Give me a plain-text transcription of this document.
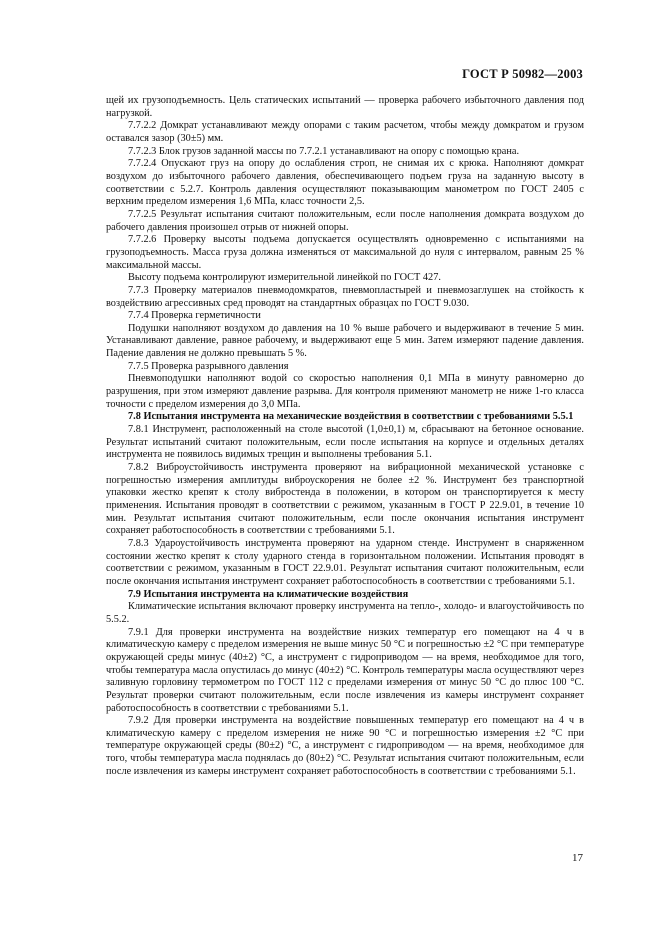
ГОСТ Р 50982—2003

щей их грузоподъемность. Цель статических испытаний — проверка рабочего избыточного давления под нагрузкой.

7.7.2.2 Домкрат устанавливают между опорами с таким расчетом, чтобы между домкратом и грузом оставался зазор (30±5) мм.

7.7.2.3 Блок грузов заданной массы по 7.7.2.1 устанавливают на опору с помощью крана.

7.7.2.4 Опускают груз на опору до ослабления строп, не снимая их с крюка. Наполняют домкрат воздухом до избыточного рабочего давления, обеспечивающего подъем груза на заданную высоту в соответствии с 5.2.7. Контроль давления осуществляют показывающим манометром по ГОСТ 2405 с верхним пределом измерения 1,6 МПа, класс точности 2,5.

7.7.2.5 Результат испытания считают положительным, если после наполнения домкрата воздухом до рабочего давления произошел отрыв от нижней опоры.

7.7.2.6 Проверку высоты подъема допускается осуществлять одновременно с испытаниями на грузоподъемность. Масса груза должна изменяться от максимальной до нуля с интервалом, равным 25 % максимальной массы.

Высоту подъема контролируют измерительной линейкой по ГОСТ 427.

7.7.3 Проверку материалов пневмодомкратов, пневмопластырей и пневмозаглушек на стойкость к воздействию агрессивных сред проводят на стандартных образцах по ГОСТ 9.030.

7.7.4 Проверка герметичности

Подушки наполняют воздухом до давления на 10 % выше рабочего и выдерживают в течение 5 мин. Устанавливают давление, равное рабочему, и выдерживают еще 5 мин. Затем измеряют падение давления. Падение давления не должно превышать 5 %.

7.7.5 Проверка разрывного давления

Пневмоподушки наполняют водой со скоростью наполнения 0,1 МПа в минуту равномерно до разрушения, при этом измеряют давление разрыва. Для контроля применяют манометр не ниже 1-го класса точности с пределом измерения до 3,0 МПа.

7.8 Испытания инструмента на механические воздействия в соответствии с требованиями 5.5.1

7.8.1 Инструмент, расположенный на столе высотой (1,0±0,1) м, сбрасывают на бетонное основание. Результат испытаний считают положительным, если после испытания на корпусе и отдельных деталях инструмента не появилось видимых трещин и выполнены требования 5.1.

7.8.2 Виброустойчивость инструмента проверяют на вибрационной механической установке с погрешностью измерения амплитуды виброускорения не более ±2 %. Инструмент без транспортной упаковки жестко крепят к столу вибростенда в положении, в котором он транспортируется к месту применения. Испытания проводят в соответствии с режимом, указанным в ГОСТ Р 22.9.01, в течение 10 мин. Результат испытания считают положительным, если после окончания испытания инструмент сохраняет работоспособность в соответствии с требованиями 5.1.

7.8.3 Удароустойчивость инструмента проверяют на ударном стенде. Инструмент в снаряженном состоянии жестко крепят к столу ударного стенда в горизонтальном положении. Испытания проводят в соответствии с режимом, указанным в ГОСТ 22.9.01. Результат испытания считают положительным, если после окончания испытания инструмент сохраняет работоспособность в соответствии с требованиями 5.1.

7.9 Испытания инструмента на климатические воздействия

Климатические испытания включают проверку инструмента на тепло-, холодо- и влагоустойчивость по 5.5.2.

7.9.1 Для проверки инструмента на воздействие низких температур его помещают на 4 ч в климатическую камеру с пределом измерения не выше минус 50 °С и погрешностью ±2 °С при температуре окружающей среды минус (40±2) °С, а инструмент с гидроприводом — на время, необходимое для того, чтобы температура масла опустилась до минус (40±2) °С. Контроль температуры масла осуществляют через заливную горловину термометром по ГОСТ 112 с пределами измерения от минус 50 °С до плюс 100 °С. Результат проверки считают положительным, если после извлечения из камеры инструмент сохраняет работоспособность в соответствии с требованиями 5.1.

7.9.2 Для проверки инструмента на воздействие повышенных температур его помещают на 4 ч в климатическую камеру с пределом измерения не ниже 90 °С и погрешностью измерения ±2 °С при температуре окружающей среды (80±2) °С, а инструмент с гидроприводом — на время, необходимое для того, чтобы температура масла поднялась до (80±2) °С. Результат испытания считают положительным, если после извлечения из камеры инструмент сохраняет работоспособность в соответствии с требованиями 5.1.

17
